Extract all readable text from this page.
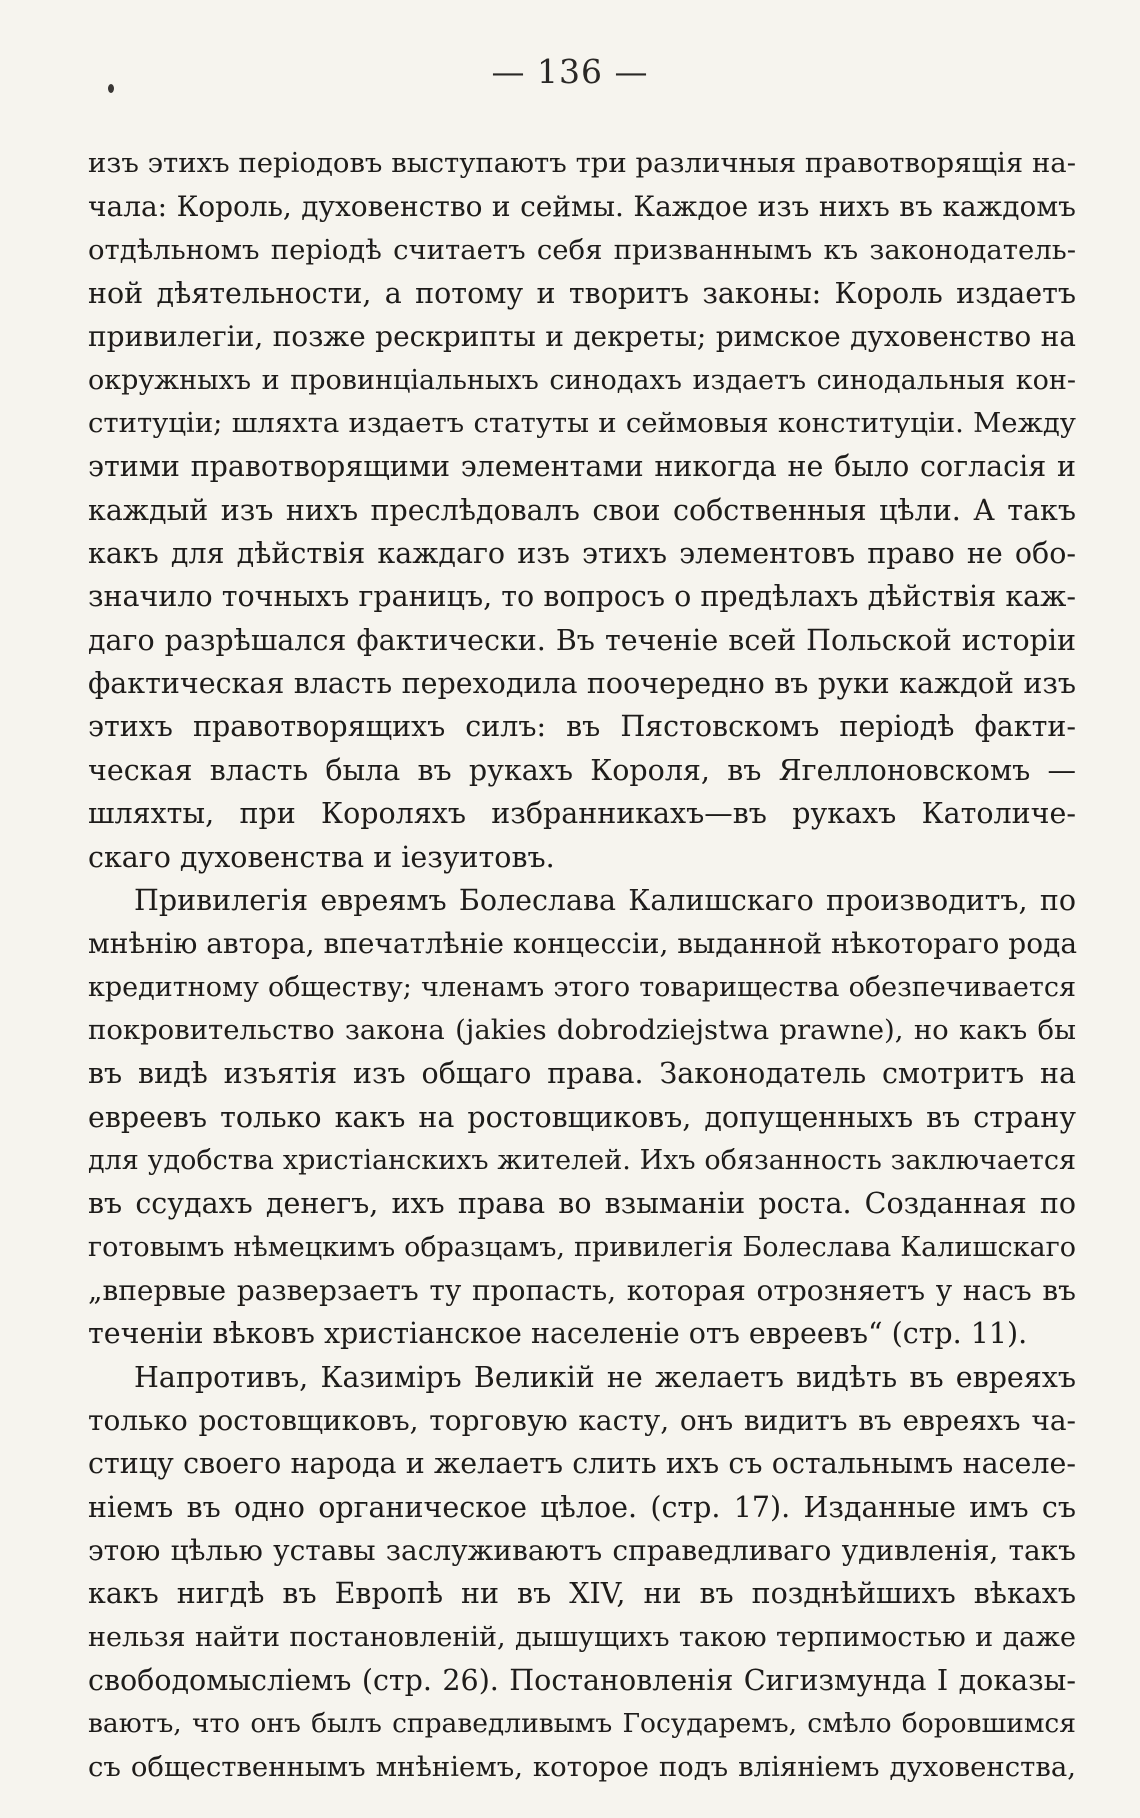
— 136 —
изъ этихъ періодовъ выступаютъ три различныя правотворящія на-
чала: Король, духовенство и сеймы. Каждое изъ нихъ въ каждомъ
отдѣльномъ періодѣ считаетъ себя призваннымъ къ законодатель-
ной дѣятельности, а потому и творитъ законы: Король издаетъ
привилегіи, позже рескрипты и декреты; римское духовенство на
окружныхъ и провинціальныхъ синодахъ издаетъ синодальныя кон-
ституціи; шляхта издаетъ статуты и сеймовыя конституціи. Между
этими правотворящими элементами никогда не было согласія и
каждый изъ нихъ преслѣдовалъ свои собственныя цѣли. А такъ
какъ для дѣйствія каждаго изъ этихъ элементовъ право не обо-
значило точныхъ границъ, то вопросъ о предѣлахъ дѣйствія каж-
даго разрѣшался фактически. Въ теченіе всей Польской исторіи
фактическая власть переходила поочередно въ руки каждой изъ
этихъ правотворящихъ силъ: въ Пястовскомъ періодѣ факти-
ческая власть была въ рукахъ Короля, въ Ягеллоновскомъ —
шляхты, при Короляхъ избранникахъ—въ рукахъ Католиче-
скаго духовенства и іезуитовъ.
Привилегія евреямъ Болеслава Калишскаго производитъ, по
мнѣнію автора, впечатлѣніе концессіи, выданной нѣкотораго рода
кредитному обществу; членамъ этого товарищества обезпечивается
покровительство закона (jakies dobrodziejstwa prawne), но какъ бы
въ видѣ изъятія изъ общаго права. Законодатель смотритъ на
евреевъ только какъ на ростовщиковъ, допущенныхъ въ страну
для удобства христіанскихъ жителей. Ихъ обязанность заключается
въ ссудахъ денегъ, ихъ права во взыманіи роста. Созданная по
готовымъ нѣмецкимъ образцамъ, привилегія Болеслава Калишскаго
„впервые разверзаетъ ту пропасть, которая отрозняетъ у насъ въ
теченіи вѣковъ христіанское населеніе отъ евреевъ“ (стр. 11).
Напротивъ, Казиміръ Великій не желаетъ видѣть въ евреяхъ
только ростовщиковъ, торговую касту, онъ видитъ въ евреяхъ ча-
стицу своего народа и желаетъ слить ихъ съ остальнымъ населе-
ніемъ въ одно органическое цѣлое. (стр. 17). Изданные имъ съ
этою цѣлью уставы заслуживаютъ справедливаго удивленія, такъ
какъ нигдѣ въ Европѣ ни въ XIV, ни въ позднѣйшихъ вѣкахъ
нельзя найти постановленій, дышущихъ такою терпимостью и даже
свободомысліемъ (стр. 26). Постановленія Сигизмунда I доказы-
ваютъ, что онъ былъ справедливымъ Государемъ, смѣло боровшимся
съ общественнымъ мнѣніемъ, которое подъ вліяніемъ духовенства,
